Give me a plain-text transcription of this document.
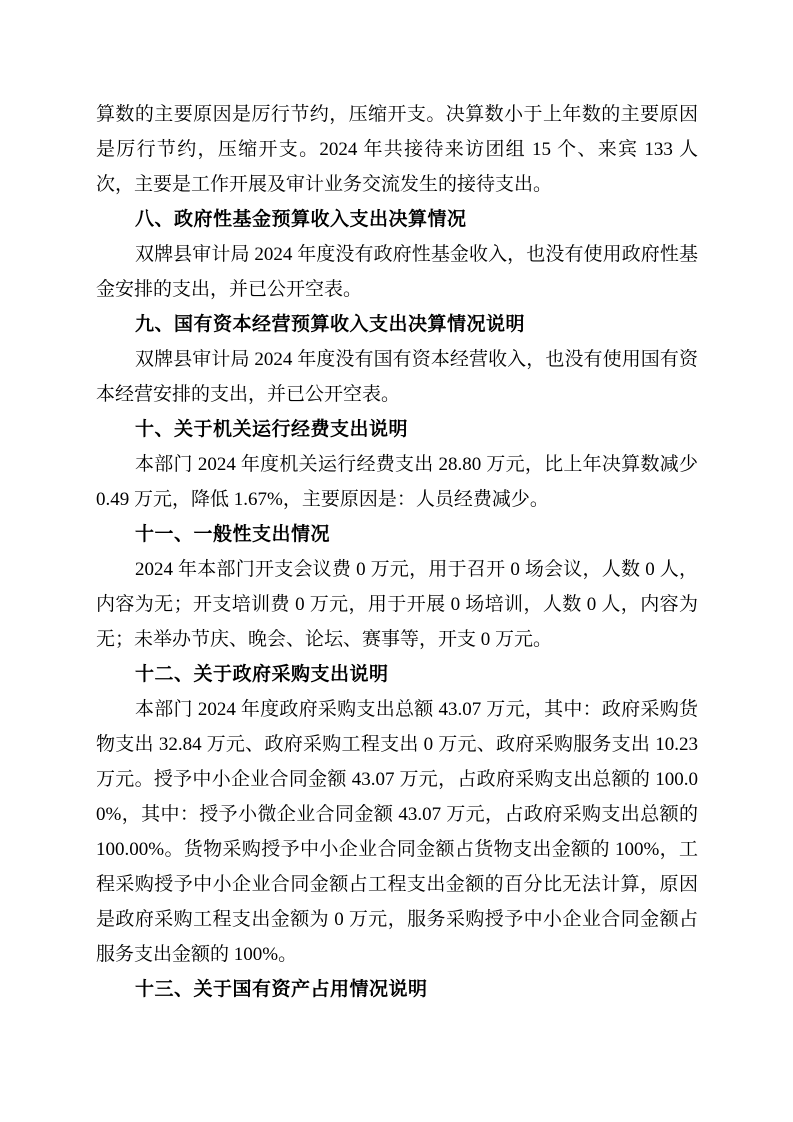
算数的主要原因是厉行节约，压缩开支。决算数小于上年数的主要原因是厉行节约，压缩开支。2024 年共接待来访团组 15 个、来宾 133 人次，主要是工作开展及审计业务交流发生的接待支出。

八、政府性基金预算收入支出决算情况

双牌县审计局 2024 年度没有政府性基金收入，也没有使用政府性基金安排的支出，并已公开空表。

九、国有资本经营预算收入支出决算情况说明

双牌县审计局 2024 年度没有国有资本经营收入，也没有使用国有资本经营安排的支出，并已公开空表。

十、关于机关运行经费支出说明

本部门 2024 年度机关运行经费支出 28.80 万元，比上年决算数减少 0.49 万元，降低 1.67%，主要原因是：人员经费减少。

十一、一般性支出情况

2024 年本部门开支会议费 0 万元，用于召开 0 场会议，人数 0 人，内容为无；开支培训费 0 万元，用于开展 0 场培训，人数 0 人，内容为无；未举办节庆、晚会、论坛、赛事等，开支 0 万元。

十二、关于政府采购支出说明

本部门 2024 年度政府采购支出总额 43.07 万元，其中：政府采购货物支出 32.84 万元、政府采购工程支出 0 万元、政府采购服务支出 10.23 万元。授予中小企业合同金额 43.07 万元，占政府采购支出总额的 100.00%，其中：授予小微企业合同金额 43.07 万元，占政府采购支出总额的 100.00%。货物采购授予中小企业合同金额占货物支出金额的 100%，工程采购授予中小企业合同金额占工程支出金额的百分比无法计算，原因是政府采购工程支出金额为 0 万元，服务采购授予中小企业合同金额占服务支出金额的 100%。

十三、关于国有资产占用情况说明
